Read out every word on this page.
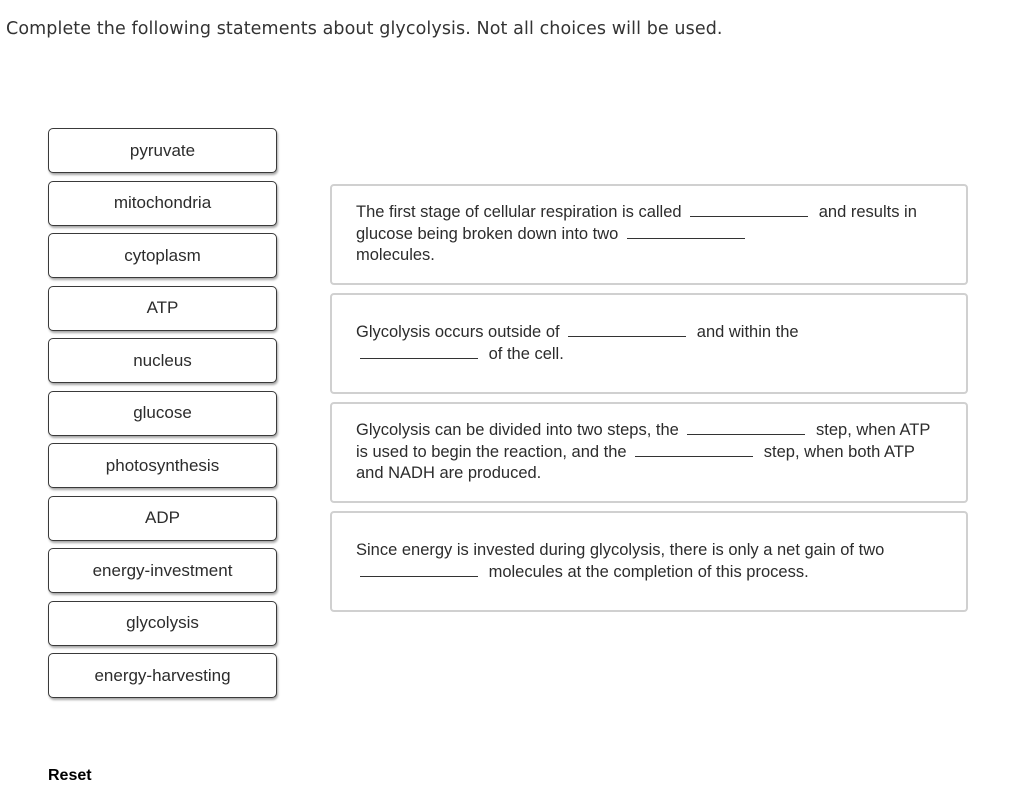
Complete the following statements about glycolysis. Not all choices will be used.
pyruvate
mitochondria
cytoplasm
ATP
nucleus
glucose
photosynthesis
ADP
energy-investment
glycolysis
energy-harvesting

The first stage of cellular respiration is called	and results in glucose being broken down into two
molecules.

Glycolysis occurs outside of	and within the
of the cell.

Glycolysis can be divided into two steps, the	step, when ATP is used to begin the reaction, and the	step, when both ATP and NADH are produced.

Since energy is invested during glycolysis, there is only a net gain of two  molecules at the completion of this process.

Reset
